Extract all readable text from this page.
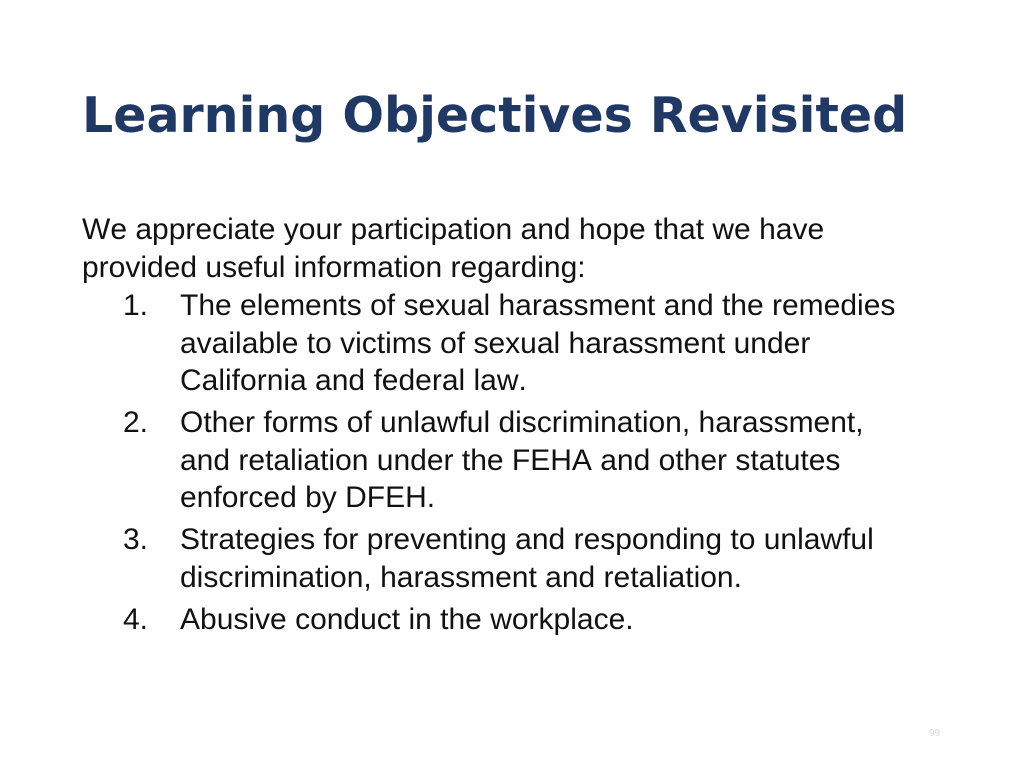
Learning Objectives Revisited

We appreciate your participation and hope that we have provided useful information regarding:

1. The elements of sexual harassment and the remedies available to victims of sexual harassment under California and federal law.
2. Other forms of unlawful discrimination, harassment, and retaliation under the FEHA and other statutes enforced by DFEH.
3. Strategies for preventing and responding to unlawful discrimination, harassment and retaliation.
4. Abusive conduct in the workplace.
99
